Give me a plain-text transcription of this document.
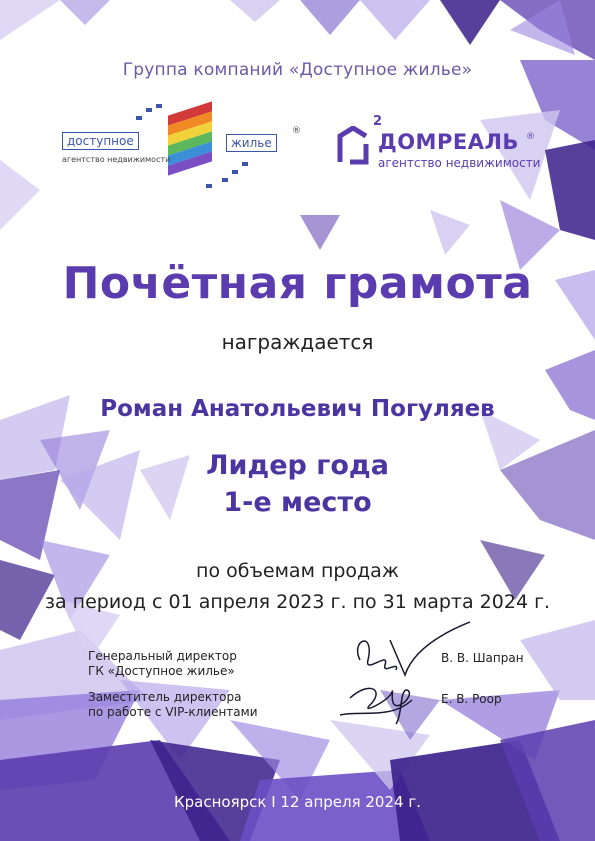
Группа компаний «Доступное жилье»
доступное
агентство недвижимости
жилье
®
2
ДОМРЕАЛЬ ®
агентство недвижимости
Почётная грамота
награждается
Роман Анатольевич Погуляев
Лидер года
1-е место
по объемам продаж
за период с 01 апреля 2023 г. по 31 марта 2024 г.
Генеральный директор
ГК «Доступное жилье»
В. В. Шапран
Заместитель директора
по работе с VIP-клиентами
Е. В. Роор
Красноярск I 12 апреля 2024 г.
